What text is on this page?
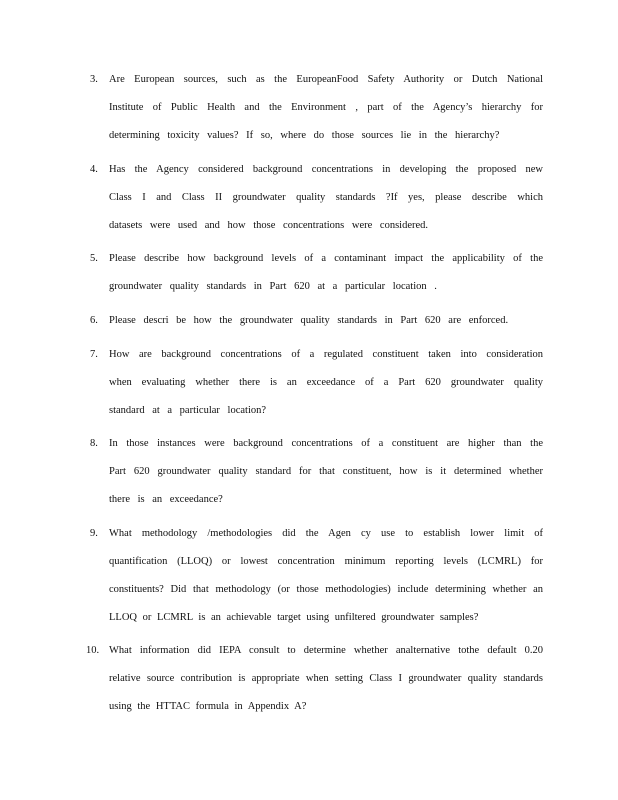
3. Are European sources, such as the EuropeanFood Safety Authority or Dutch National Institute of Public Health and the Environment , part of the Agency’s hierarchy for determining toxicity values? If so, where do those sources lie in the hierarchy?
4. Has the Agency considered background concentrations in developing the proposed new Class I and Class II groundwater quality standards ?If yes, please describe which datasets were used and how those concentrations were considered.
5. Please describe how background levels of a contaminant impact the applicability of the groundwater quality standards in Part 620 at a particular location .
6. Please descri be how the groundwater quality standards in Part 620 are enforced.
7. How are background concentrations of a regulated constituent taken into consideration when evaluating whether there is an exceedance of a Part 620 groundwater quality standard at a particular location?
8. In those instances were background concentrations of a constituent are higher than the Part 620 groundwater quality standard for that constituent, how is it determined whether there is an exceedance?
9. What methodology /methodologies did the Agen cy use to establish lower limit of quantification (LLOQ) or lowest concentration minimum reporting levels (LCMRL) for constituents? Did that methodology (or those methodologies) include determining whether an LLOQ or LCMRL is an achievable target using unfiltered groundwater samples?
10. What information did IEPA consult to determine whether analternative tothe default 0.20 relative source contribution is appropriate when setting Class I groundwater quality standards using the HTTAC formula in Appendix A?
